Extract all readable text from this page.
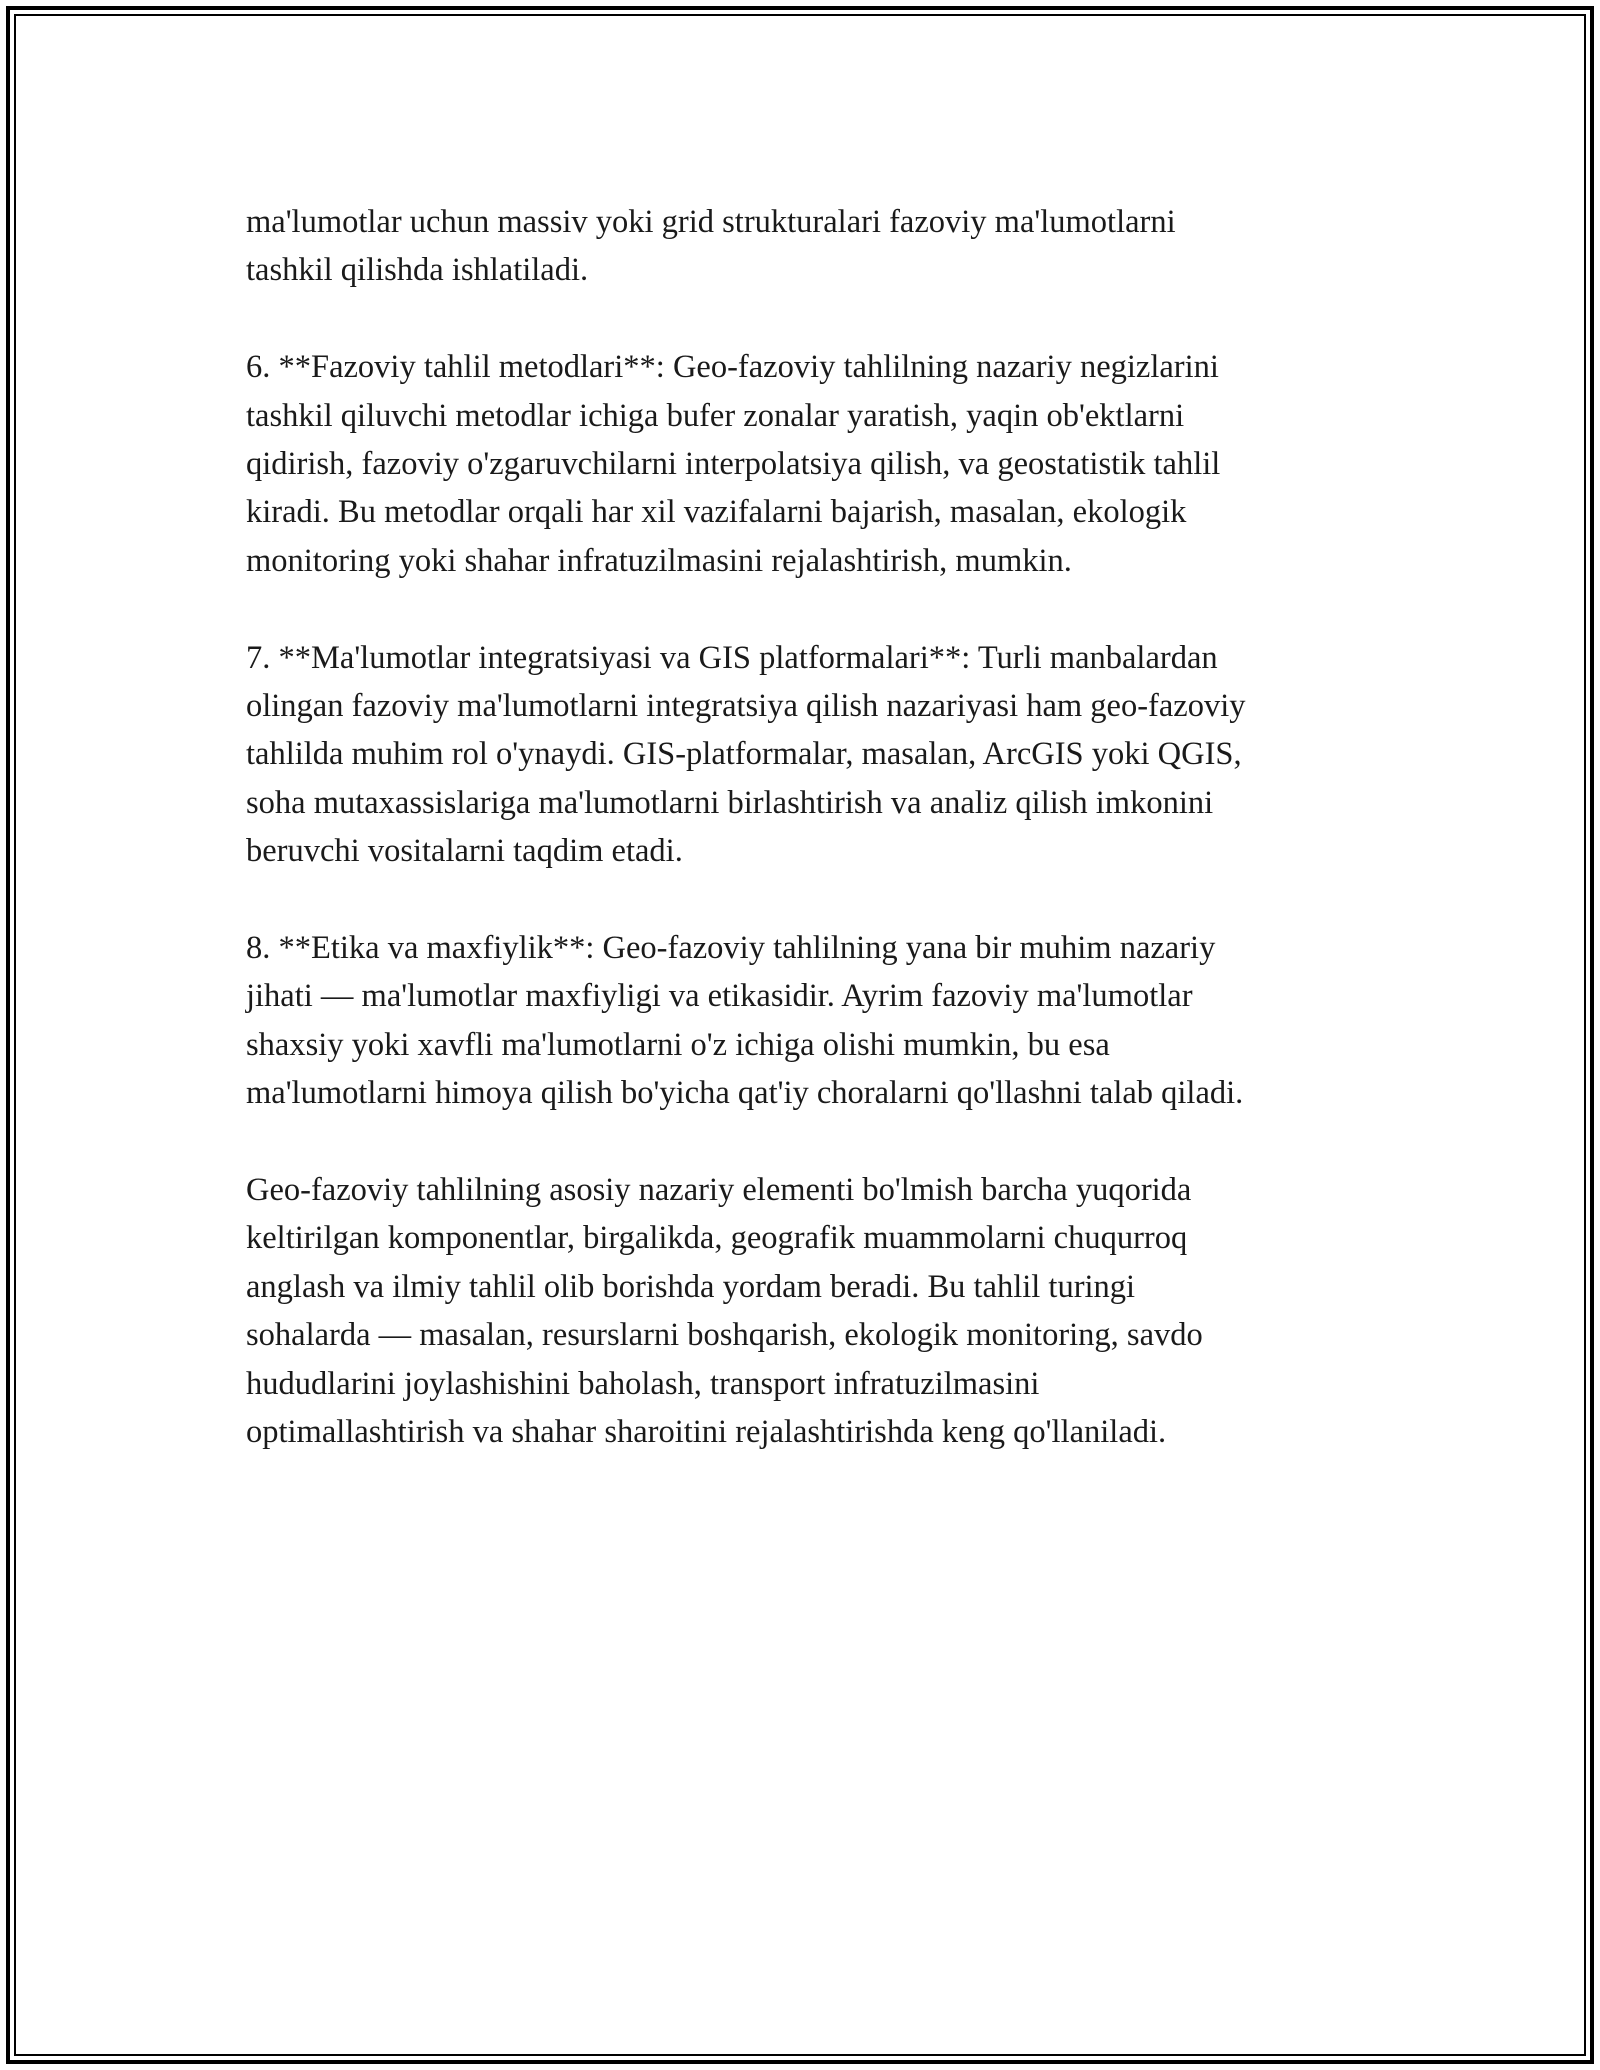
ma'lumotlar uchun massiv yoki grid strukturalari fazoviy ma'lumotlarni
tashkil qilishda ishlatiladi.

6. **Fazoviy tahlil metodlari**: Geo-fazoviy tahlilning nazariy negizlarini
tashkil qiluvchi metodlar ichiga bufer zonalar yaratish, yaqin ob'ektlarni
qidirish, fazoviy o'zgaruvchilarni interpolatsiya qilish, va geostatistik tahlil
kiradi. Bu metodlar orqali har xil vazifalarni bajarish, masalan, ekologik
monitoring yoki shahar infratuzilmasini rejalashtirish, mumkin.

7. **Ma'lumotlar integratsiyasi va GIS platformalari**: Turli manbalardan
olingan fazoviy ma'lumotlarni integratsiya qilish nazariyasi ham geo-fazoviy
tahlilda muhim rol o'ynaydi. GIS-platformalar, masalan, ArcGIS yoki QGIS,
soha mutaxassislariga ma'lumotlarni birlashtirish va analiz qilish imkonini
beruvchi vositalarni taqdim etadi.

8. **Etika va maxfiylik**: Geo-fazoviy tahlilning yana bir muhim nazariy
jihati — ma'lumotlar maxfiyligi va etikasidir. Ayrim fazoviy ma'lumotlar
shaxsiy yoki xavfli ma'lumotlarni o'z ichiga olishi mumkin, bu esa
ma'lumotlarni himoya qilish bo'yicha qat'iy choralarni qo'llashni talab qiladi.

Geo-fazoviy tahlilning asosiy nazariy elementi bo'lmish barcha yuqorida
keltirilgan komponentlar, birgalikda, geografik muammolarni chuqurroq
anglash va ilmiy tahlil olib borishda yordam beradi. Bu tahlil turingi
sohalarda — masalan, resurslarni boshqarish, ekologik monitoring, savdo
hududlarini joylashishini baholash, transport infratuzilmasini
optimallashtirish va shahar sharoitini rejalashtirishda keng qo'llaniladi.
